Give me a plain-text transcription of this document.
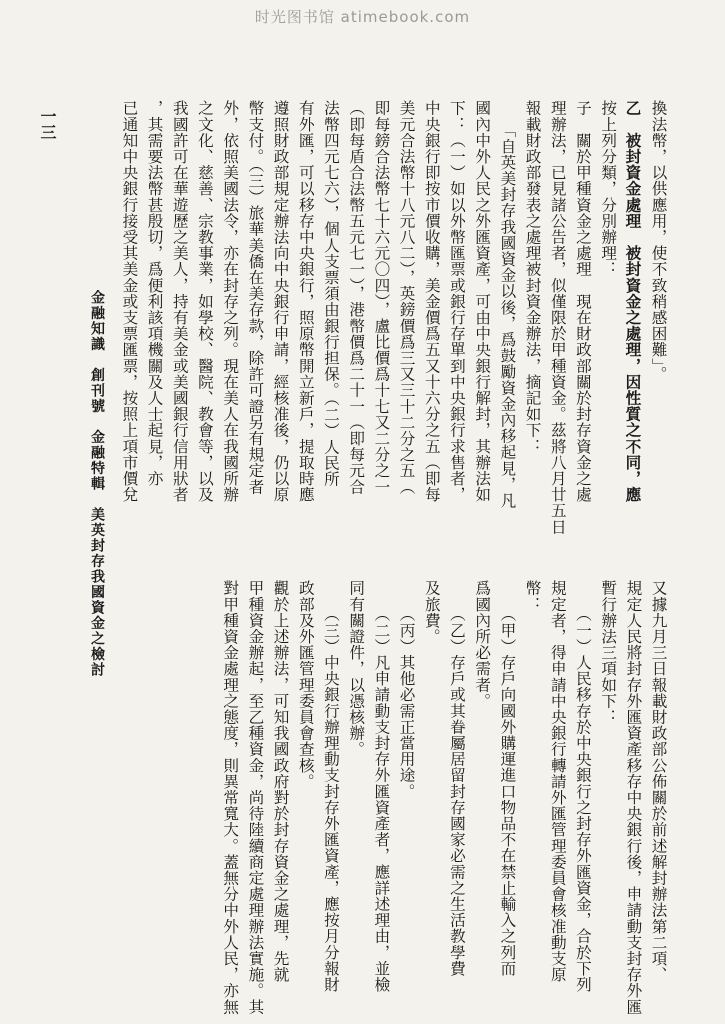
时光图书馆 atimebook.com
又據九月三日報載財政部公佈關於前述解封辦法第二項、
規定人民將封存外匯資產移存中央銀行後，申請動支封存外匯
暫行辦法三項如下：
（一）人民移存於中央銀行之封存外匯資金，合於下列
規定者，得申請中央銀行轉請外匯管理委員會核准動支原
幣：
（甲）存戶向國外購運進口物品不在禁止輸入之列而
爲國內所必需者。
（乙）存戶或其眷屬居留封存國家必需之生活教學費
及旅費。
（丙）其他必需正當用途。
（二）凡申請動支封存外匯資產者，應詳述理由，並檢
同有關證件，以憑核辦。
（三）中央銀行辦理動支封存外匯資產，應按月分報財
政部及外匯管理委員會查核。
觀於上述辦法，可知我國政府對於封存資金之處理，先就
甲種資金辦起，至乙種資金，尚待陸續商定處理辦法實施。其
對甲種資金處理之態度，則異常寬大。蓋無分中外人民，亦無
一三
金融知識　創刊號　金融特輯　美英封存我國資金之檢討
換法幣，以供應用，使不致稍感困難」。
乙　被封資金處理　被封資金之處理，因性質之不同，應
按上列分類，分別辦理：
子　關於甲種資金之處理　現在財政部關於封存資金之處
理辦法，已見諸公告者，似僅限於甲種資金。茲將八月廿五日
報載財政部發表之處理被封資金辦法，摘記如下：
「自英美封存我國資金以後，爲鼓勵資金內移起見，凡
國內中外人民之外匯資產，可由中央銀行解封，其辦法如
下：（一）如以外幣匯票或銀行存單到中央銀行求售者，
中央銀行即按市價收購，美金價爲五又十六分之五（即每
美元合法幣十八元八二），英鎊價爲三又三十二分之五（
即每鎊合法幣七十六元〇四），盧比價爲十七又二分之一
（即每盾合法幣五元七一），港幣價爲二十一（即每元合
法幣四元七六），個人支票須由銀行担保。（二）人民所
有外匯，可以移存中央銀行，照原幣開立新戶，提取時應
遵照財政部規定辦法向中央銀行申請，經核准後，仍以原
幣支付。（三）旅華美僑在美存款，除許可證另有規定者
外，依照美國法令，亦在封存之列。現在美人在我國所辦
之文化、慈善、宗教事業，如學校、醫院、教會等，以及
我國許可在華遊歷之美人，持有美金或美國銀行信用狀者
，其需要法幣甚殷切，爲便利該項機關及人士起見，亦
已通知中央銀行接受其美金或支票匯票，按照上項市價兌
